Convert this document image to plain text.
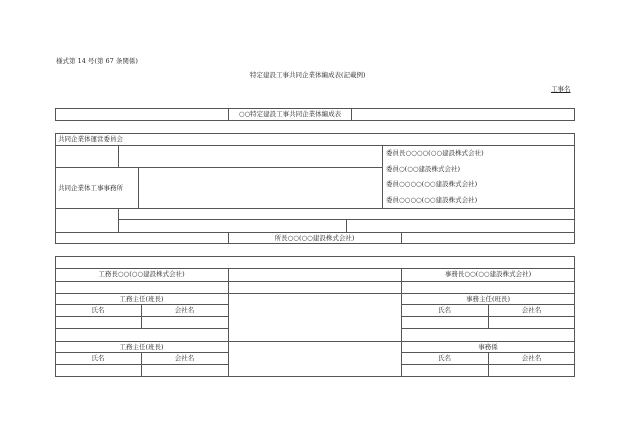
様式第 14 号(第 67 条関係)
特定建設工事共同企業体編成表(記載例)
工事名
○○特定建設工事共同企業体編成表
共同企業体運営委員会
共同企業体工事事務所
委員長○○○○(○○建設株式会社)
委員○(○○建設株式会社)
委員○○○○(○○建設株式会社)
委員○○○○(○○建設株式会社)
所長○○(○○建設株式会社)
工務長○○(○○建設株式会社)	事務長○○(○○建設株式会社)
工務主任(班長)	事務主任(班長)
氏名	会社名	氏名	会社名
工務主任(班長)	事務係
氏名	会社名	氏名	会社名
